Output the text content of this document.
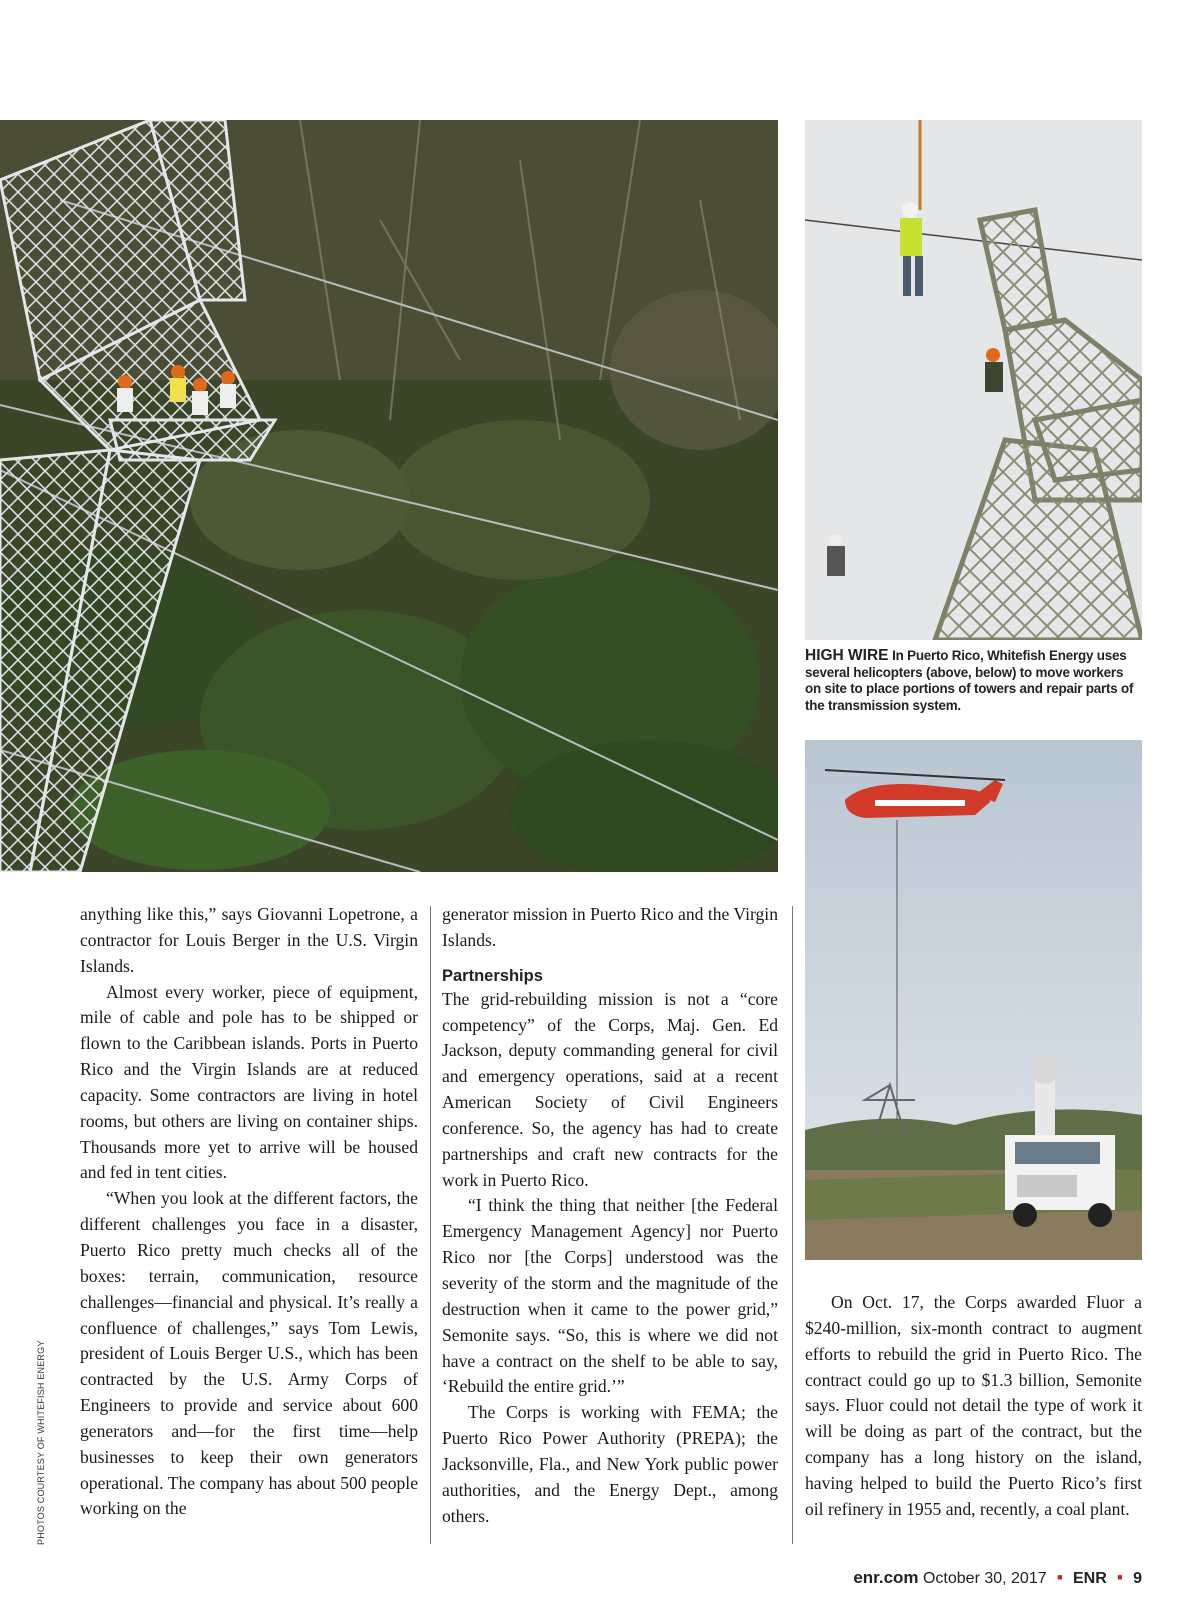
HIGH WIRE In Puerto Rico, Whitefish Energy uses several helicopters (above, below) to move workers on site to place portions of towers and repair parts of the transmission system.

anything like this,” says Giovanni Lopetrone, a contractor for Louis Berger in the U.S. Virgin Islands.

Almost every worker, piece of equipment, mile of cable and pole has to be shipped or flown to the Caribbean islands. Ports in Puerto Rico and the Virgin Islands are at reduced capacity. Some contractors are living in hotel rooms, but others are living on container ships. Thousands more yet to arrive will be housed and fed in tent cities.

“When you look at the different factors, the different challenges you face in a disaster, Puerto Rico pretty much checks all of the boxes: terrain, communication, resource challenges—financial and physical. It’s really a confluence of challenges,” says Tom Lewis, president of Louis Berger U.S., which has been contracted by the U.S. Army Corps of Engineers to provide and service about 600 generators and—for the first time—help businesses to keep their own generators operational. The company has about 500 people working on the

generator mission in Puerto Rico and the Virgin Islands.

Partnerships

The grid-rebuilding mission is not a “core competency” of the Corps, Maj. Gen. Ed Jackson, deputy commanding general for civil and emergency operations, said at a recent American Society of Civil Engineers conference. So, the agency has had to create partnerships and craft new contracts for the work in Puerto Rico.

“I think the thing that neither [the Federal Emergency Management Agency] nor Puerto Rico nor [the Corps] understood was the severity of the storm and the magnitude of the destruction when it came to the power grid,” Semonite says. “So, this is where we did not have a contract on the shelf to be able to say, ‘Rebuild the entire grid.’”

The Corps is working with FEMA; the Puerto Rico Power Authority (PREPA); the Jacksonville, Fla., and New York public power authorities, and the Energy Dept., among others.

On Oct. 17, the Corps awarded Fluor a $240-million, six-month contract to augment efforts to rebuild the grid in Puerto Rico. The contract could go up to $1.3 billion, Semonite says. Fluor could not detail the type of work it will be doing as part of the contract, but the company has a long history on the island, having helped to build the Puerto Rico’s first oil refinery in 1955 and, recently, a coal plant.

PHOTOS COURTESY OF WHITEFISH ENERGY
enr.com October 30, 2017 ■ ENR ■ 9
